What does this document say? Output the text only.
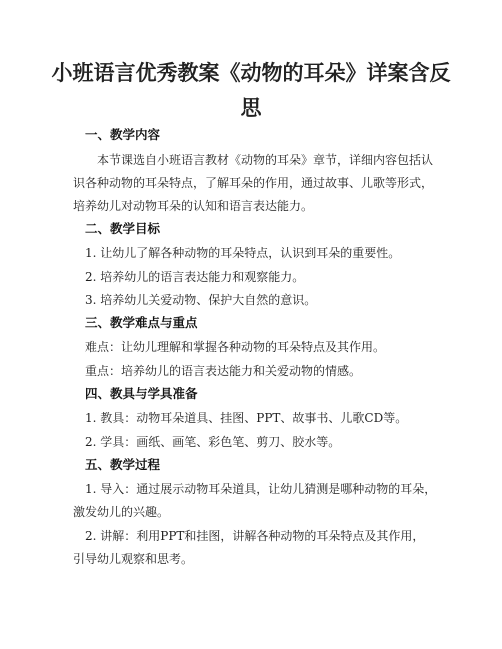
小班语言优秀教案《动物的耳朵》详案含反
思
一、教学内容
本节课选自小班语言教材《动物的耳朵》章节，详细内容包括认
识各种动物的耳朵特点，了解耳朵的作用，通过故事、儿歌等形式，
培养幼儿对动物耳朵的认知和语言表达能力。
二、教学目标
1. 让幼儿了解各种动物的耳朵特点，认识到耳朵的重要性。
2. 培养幼儿的语言表达能力和观察能力。
3. 培养幼儿关爱动物、保护大自然的意识。
三、教学难点与重点
难点：让幼儿理解和掌握各种动物的耳朵特点及其作用。
重点：培养幼儿的语言表达能力和关爱动物的情感。
四、教具与学具准备
1. 教具：动物耳朵道具、挂图、PPT、故事书、儿歌CD等。
2. 学具：画纸、画笔、彩色笔、剪刀、胶水等。
五、教学过程
1. 导入：通过展示动物耳朵道具，让幼儿猜测是哪种动物的耳朵，
激发幼儿的兴趣。
2. 讲解：利用PPT和挂图，讲解各种动物的耳朵特点及其作用，
引导幼儿观察和思考。
